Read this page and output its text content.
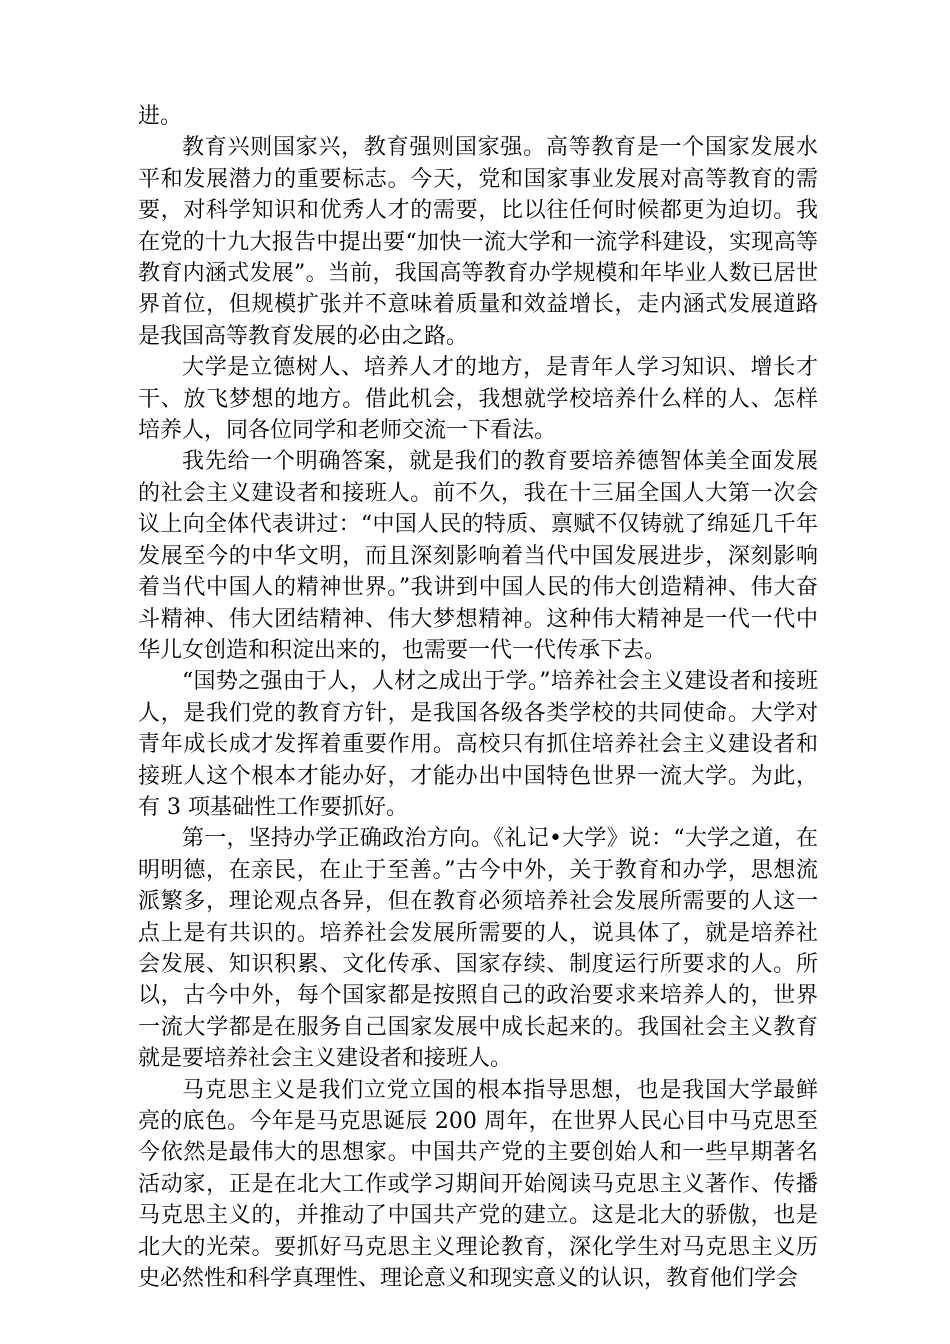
进。

教育兴则国家兴，教育强则国家强。高等教育是一个国家发展水平和发展潜力的重要标志。今天，党和国家事业发展对高等教育的需要，对科学知识和优秀人才的需要，比以往任何时候都更为迫切。我在党的十九大报告中提出要“加快一流大学和一流学科建设，实现高等教育内涵式发展”。当前，我国高等教育办学规模和年毕业人数已居世界首位，但规模扩张并不意味着质量和效益增长，走内涵式发展道路是我国高等教育发展的必由之路。

大学是立德树人、培养人才的地方，是青年人学习知识、增长才干、放飞梦想的地方。借此机会，我想就学校培养什么样的人、怎样培养人，同各位同学和老师交流一下看法。

我先给一个明确答案，就是我们的教育要培养德智体美全面发展的社会主义建设者和接班人。前不久，我在十三届全国人大第一次会议上向全体代表讲过：“中国人民的特质、禀赋不仅铸就了绵延几千年发展至今的中华文明，而且深刻影响着当代中国发展进步，深刻影响着当代中国人的精神世界。”我讲到中国人民的伟大创造精神、伟大奋斗精神、伟大团结精神、伟大梦想精神。这种伟大精神是一代一代中华儿女创造和积淀出来的，也需要一代一代传承下去。

“国势之强由于人，人材之成出于学。”培养社会主义建设者和接班人，是我们党的教育方针，是我国各级各类学校的共同使命。大学对青年成长成才发挥着重要作用。高校只有抓住培养社会主义建设者和接班人这个根本才能办好，才能办出中国特色世界一流大学。为此，有 3 项基础性工作要抓好。

第一，坚持办学正确政治方向。《礼记•大学》说：“大学之道，在明明德，在亲民，在止于至善。”古今中外，关于教育和办学，思想流派繁多，理论观点各异，但在教育必须培养社会发展所需要的人这一点上是有共识的。培养社会发展所需要的人，说具体了，就是培养社会发展、知识积累、文化传承、国家存续、制度运行所要求的人。所以，古今中外，每个国家都是按照自己的政治要求来培养人的，世界一流大学都是在服务自己国家发展中成长起来的。我国社会主义教育就是要培养社会主义建设者和接班人。

马克思主义是我们立党立国的根本指导思想，也是我国大学最鲜亮的底色。今年是马克思诞辰 200 周年，在世界人民心目中马克思至今依然是最伟大的思想家。中国共产党的主要创始人和一些早期著名活动家，正是在北大工作或学习期间开始阅读马克思主义著作、传播马克思主义的，并推动了中国共产党的建立。这是北大的骄傲，也是北大的光荣。要抓好马克思主义理论教育，深化学生对马克思主义历史必然性和科学真理性、理论意义和现实意义的认识，教育他们学会
